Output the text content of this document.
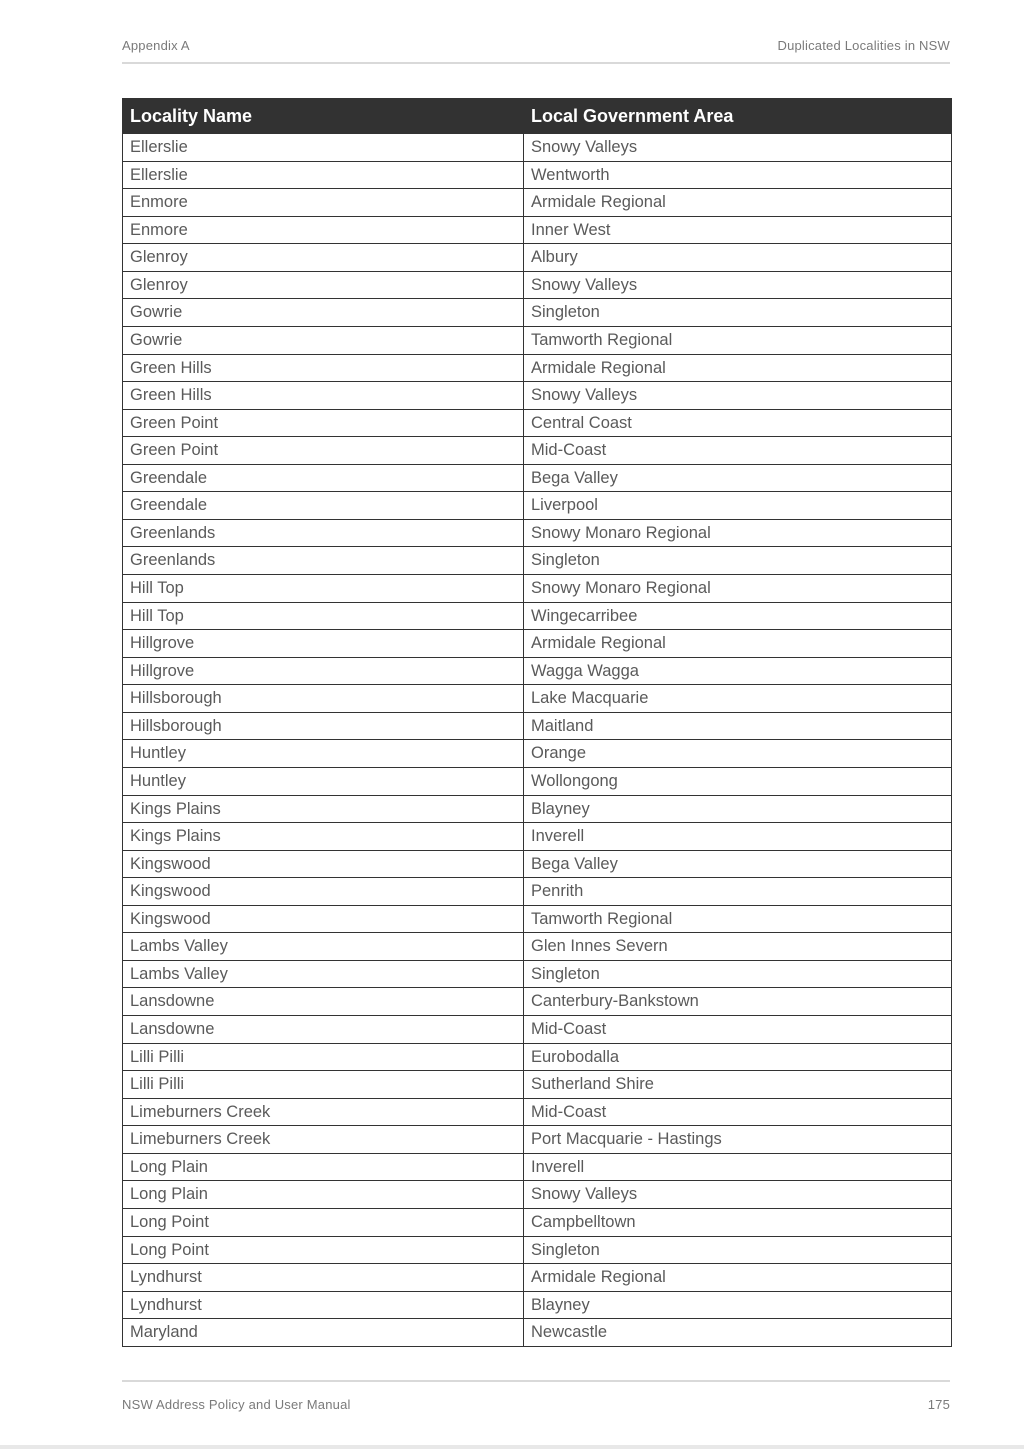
Appendix A	Duplicated Localities in NSW
Locality Name	Local Government Area
Ellerslie	Snowy Valleys
Ellerslie	Wentworth
Enmore	Armidale Regional
Enmore	Inner West
Glenroy	Albury
Glenroy	Snowy Valleys
Gowrie	Singleton
Gowrie	Tamworth Regional
Green Hills	Armidale Regional
Green Hills	Snowy Valleys
Green Point	Central Coast
Green Point	Mid-Coast
Greendale	Bega Valley
Greendale	Liverpool
Greenlands	Snowy Monaro Regional
Greenlands	Singleton
Hill Top	Snowy Monaro Regional
Hill Top	Wingecarribee
Hillgrove	Armidale Regional
Hillgrove	Wagga Wagga
Hillsborough	Lake Macquarie
Hillsborough	Maitland
Huntley	Orange
Huntley	Wollongong
Kings Plains	Blayney
Kings Plains	Inverell
Kingswood	Bega Valley
Kingswood	Penrith
Kingswood	Tamworth Regional
Lambs Valley	Glen Innes Severn
Lambs Valley	Singleton
Lansdowne	Canterbury-Bankstown
Lansdowne	Mid-Coast
Lilli Pilli	Eurobodalla
Lilli Pilli	Sutherland Shire
Limeburners Creek	Mid-Coast
Limeburners Creek	Port Macquarie - Hastings
Long Plain	Inverell
Long Plain	Snowy Valleys
Long Point	Campbelltown
Long Point	Singleton
Lyndhurst	Armidale Regional
Lyndhurst	Blayney
Maryland	Newcastle
NSW Address Policy and User Manual	175
